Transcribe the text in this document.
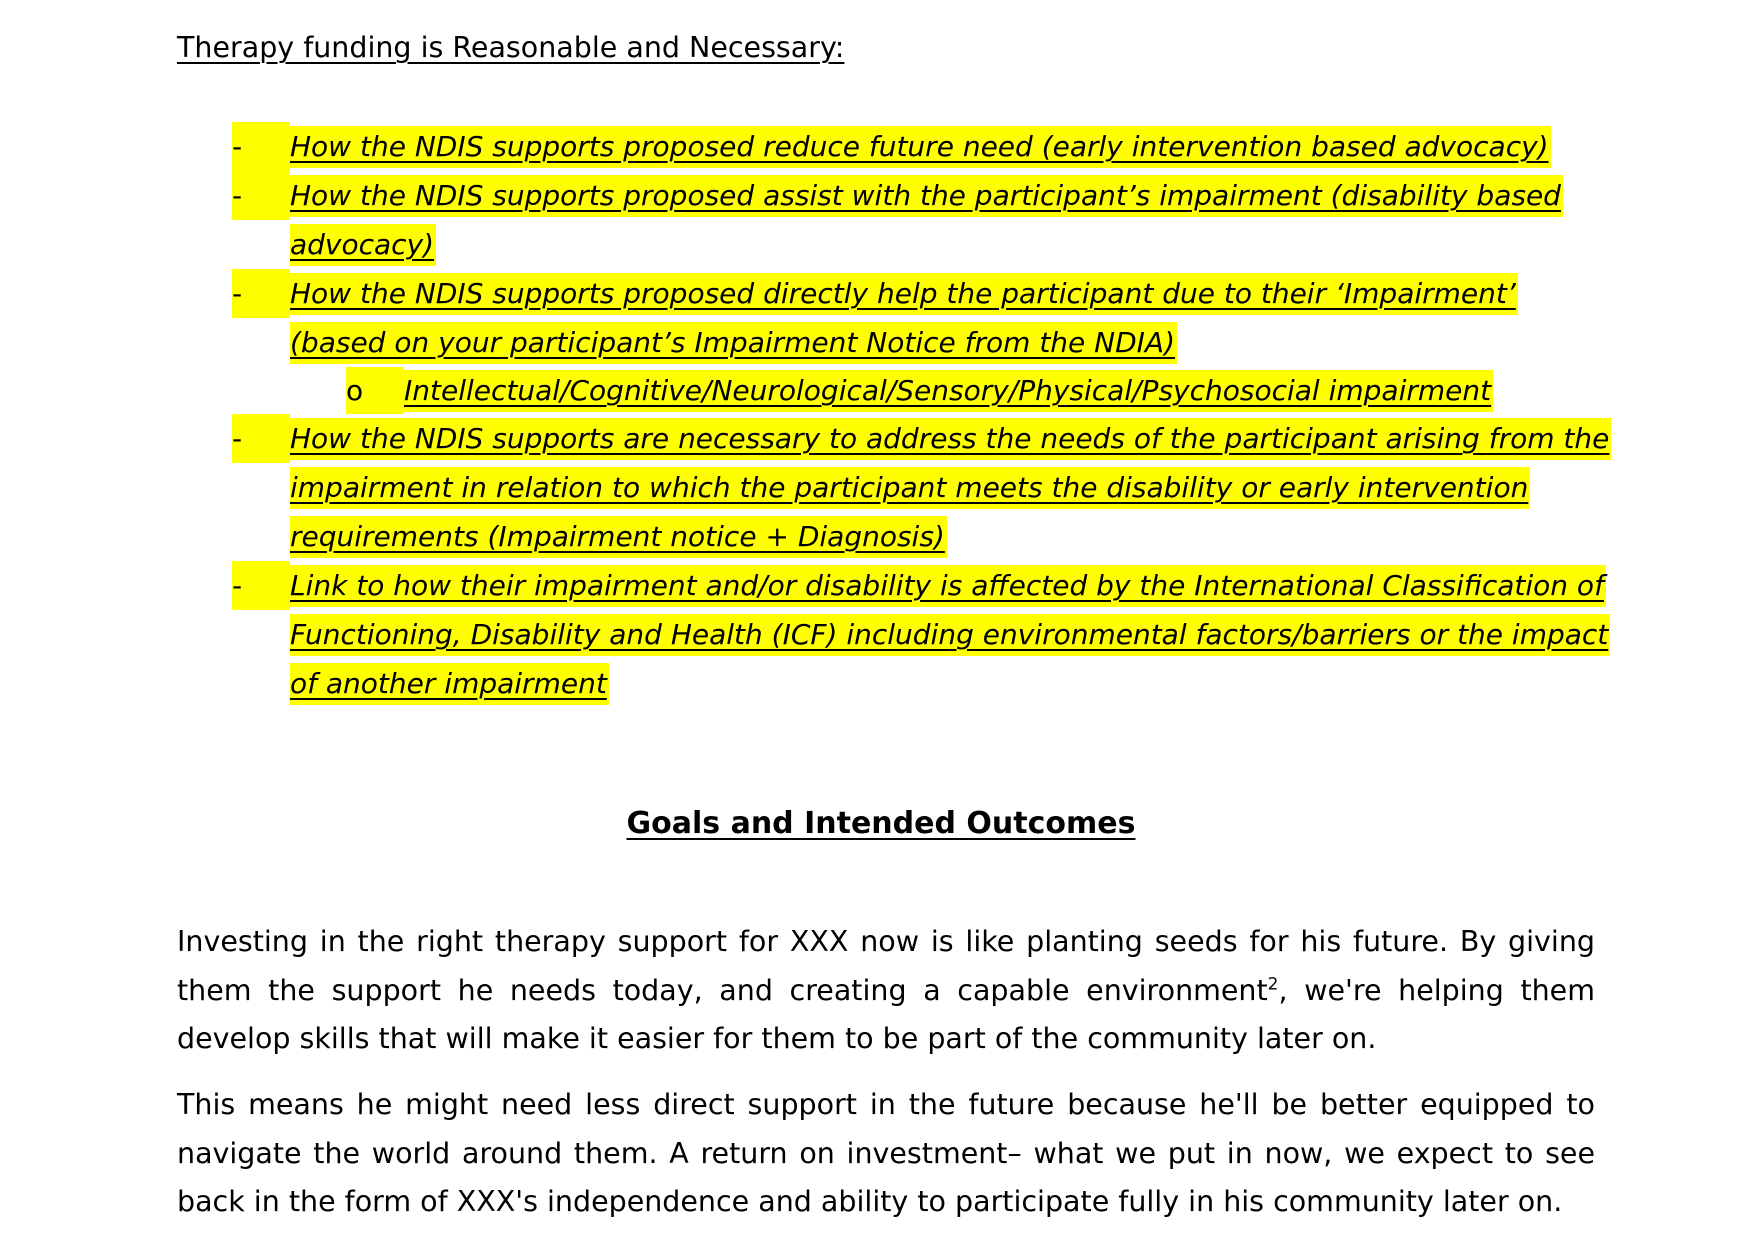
Therapy funding is Reasonable and Necessary:
-	How the NDIS supports proposed reduce future need (early intervention based advocacy)
-	How the NDIS supports proposed assist with the participant’s impairment (disability based advocacy)
-	How the NDIS supports proposed directly help the participant due to their ‘Impairment’ (based on your participant’s Impairment Notice from the NDIA)
o	Intellectual/Cognitive/Neurological/Sensory/Physical/Psychosocial impairment
-	How the NDIS supports are necessary to address the needs of the participant arising from the impairment in relation to which the participant meets the disability or early intervention requirements (Impairment notice + Diagnosis)
-	Link to how their impairment and/or disability is affected by the International Classification of Functioning, Disability and Health (ICF) including environmental factors/barriers or the impact of another impairment
Goals and Intended Outcomes

Investing in the right therapy support for XXX now is like planting seeds for his future. By giving them the support he needs today, and creating a capable environment$^2$, we're helping them develop skills that will make it easier for them to be part of the community later on.

This means he might need less direct support in the future because he'll be better equipped to navigate the world around them. A return on investment– what we put in now, we expect to see back in the form of XXX's independence and ability to participate fully in his community later on.
